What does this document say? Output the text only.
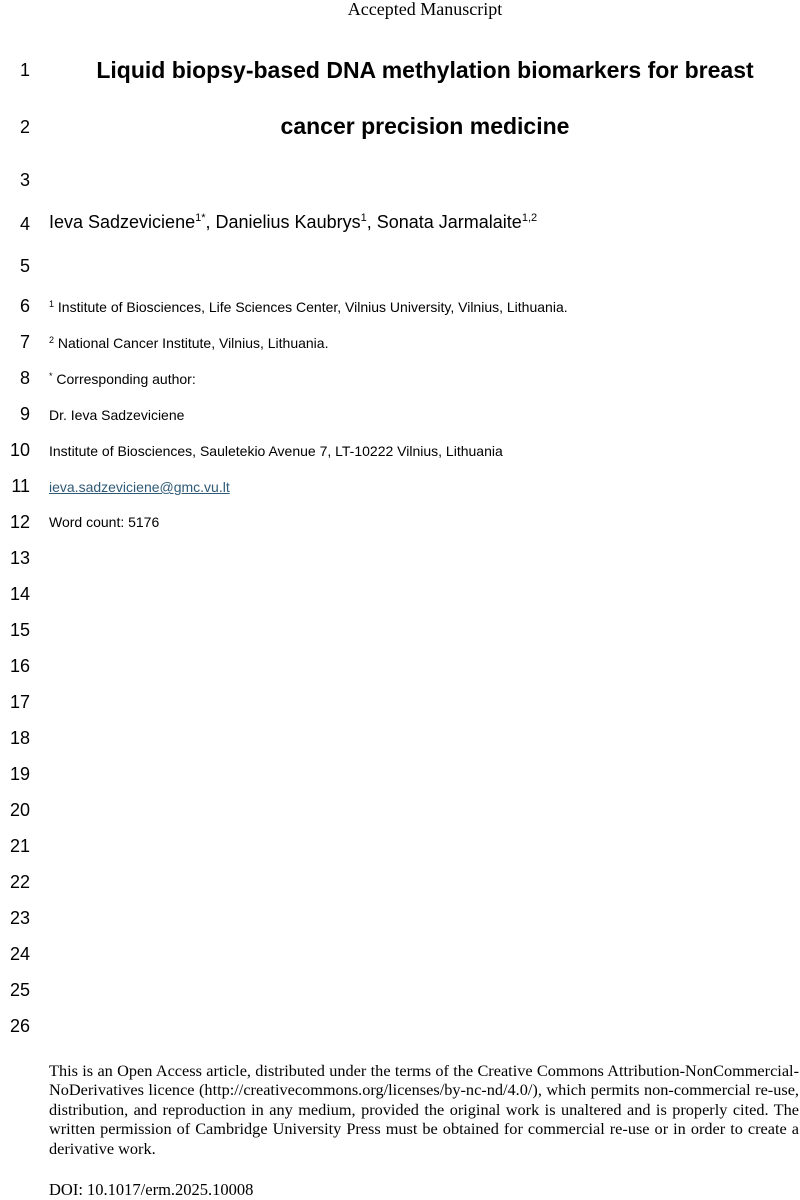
Accepted Manuscript
1
2
3
4
5
6
7
8
9
10
11
12
13
14
15
16
17
18
19
20
21
22
23
24
25
26
Liquid biopsy-based DNA methylation biomarkers for breast
cancer precision medicine
Ieva Sadzeviciene$^{1*}$, Danielius Kaubrys$^1$, Sonata Jarmalaite$^{1,2}$
$^1$ Institute of Biosciences, Life Sciences Center, Vilnius University, Vilnius, Lithuania.
$^2$ National Cancer Institute, Vilnius, Lithuania.
* Corresponding author:
Dr. Ieva Sadzeviciene
Institute of Biosciences, Sauletekio Avenue 7, LT-10222 Vilnius, Lithuania
ieva.sadzeviciene@gmc.vu.lt
Word count: 5176
This is an Open Access article, distributed under the terms of the Creative Commons Attribution-NonCommercial-NoDerivatives licence (http://creativecommons.org/licenses/by-nc-nd/4.0/), which permits non-commercial re-use, distribution, and reproduction in any medium, provided the original work is unaltered and is properly cited. The written permission of Cambridge University Press must be obtained for commercial re-use or in order to create a derivative work.
DOI: 10.1017/erm.2025.10008
